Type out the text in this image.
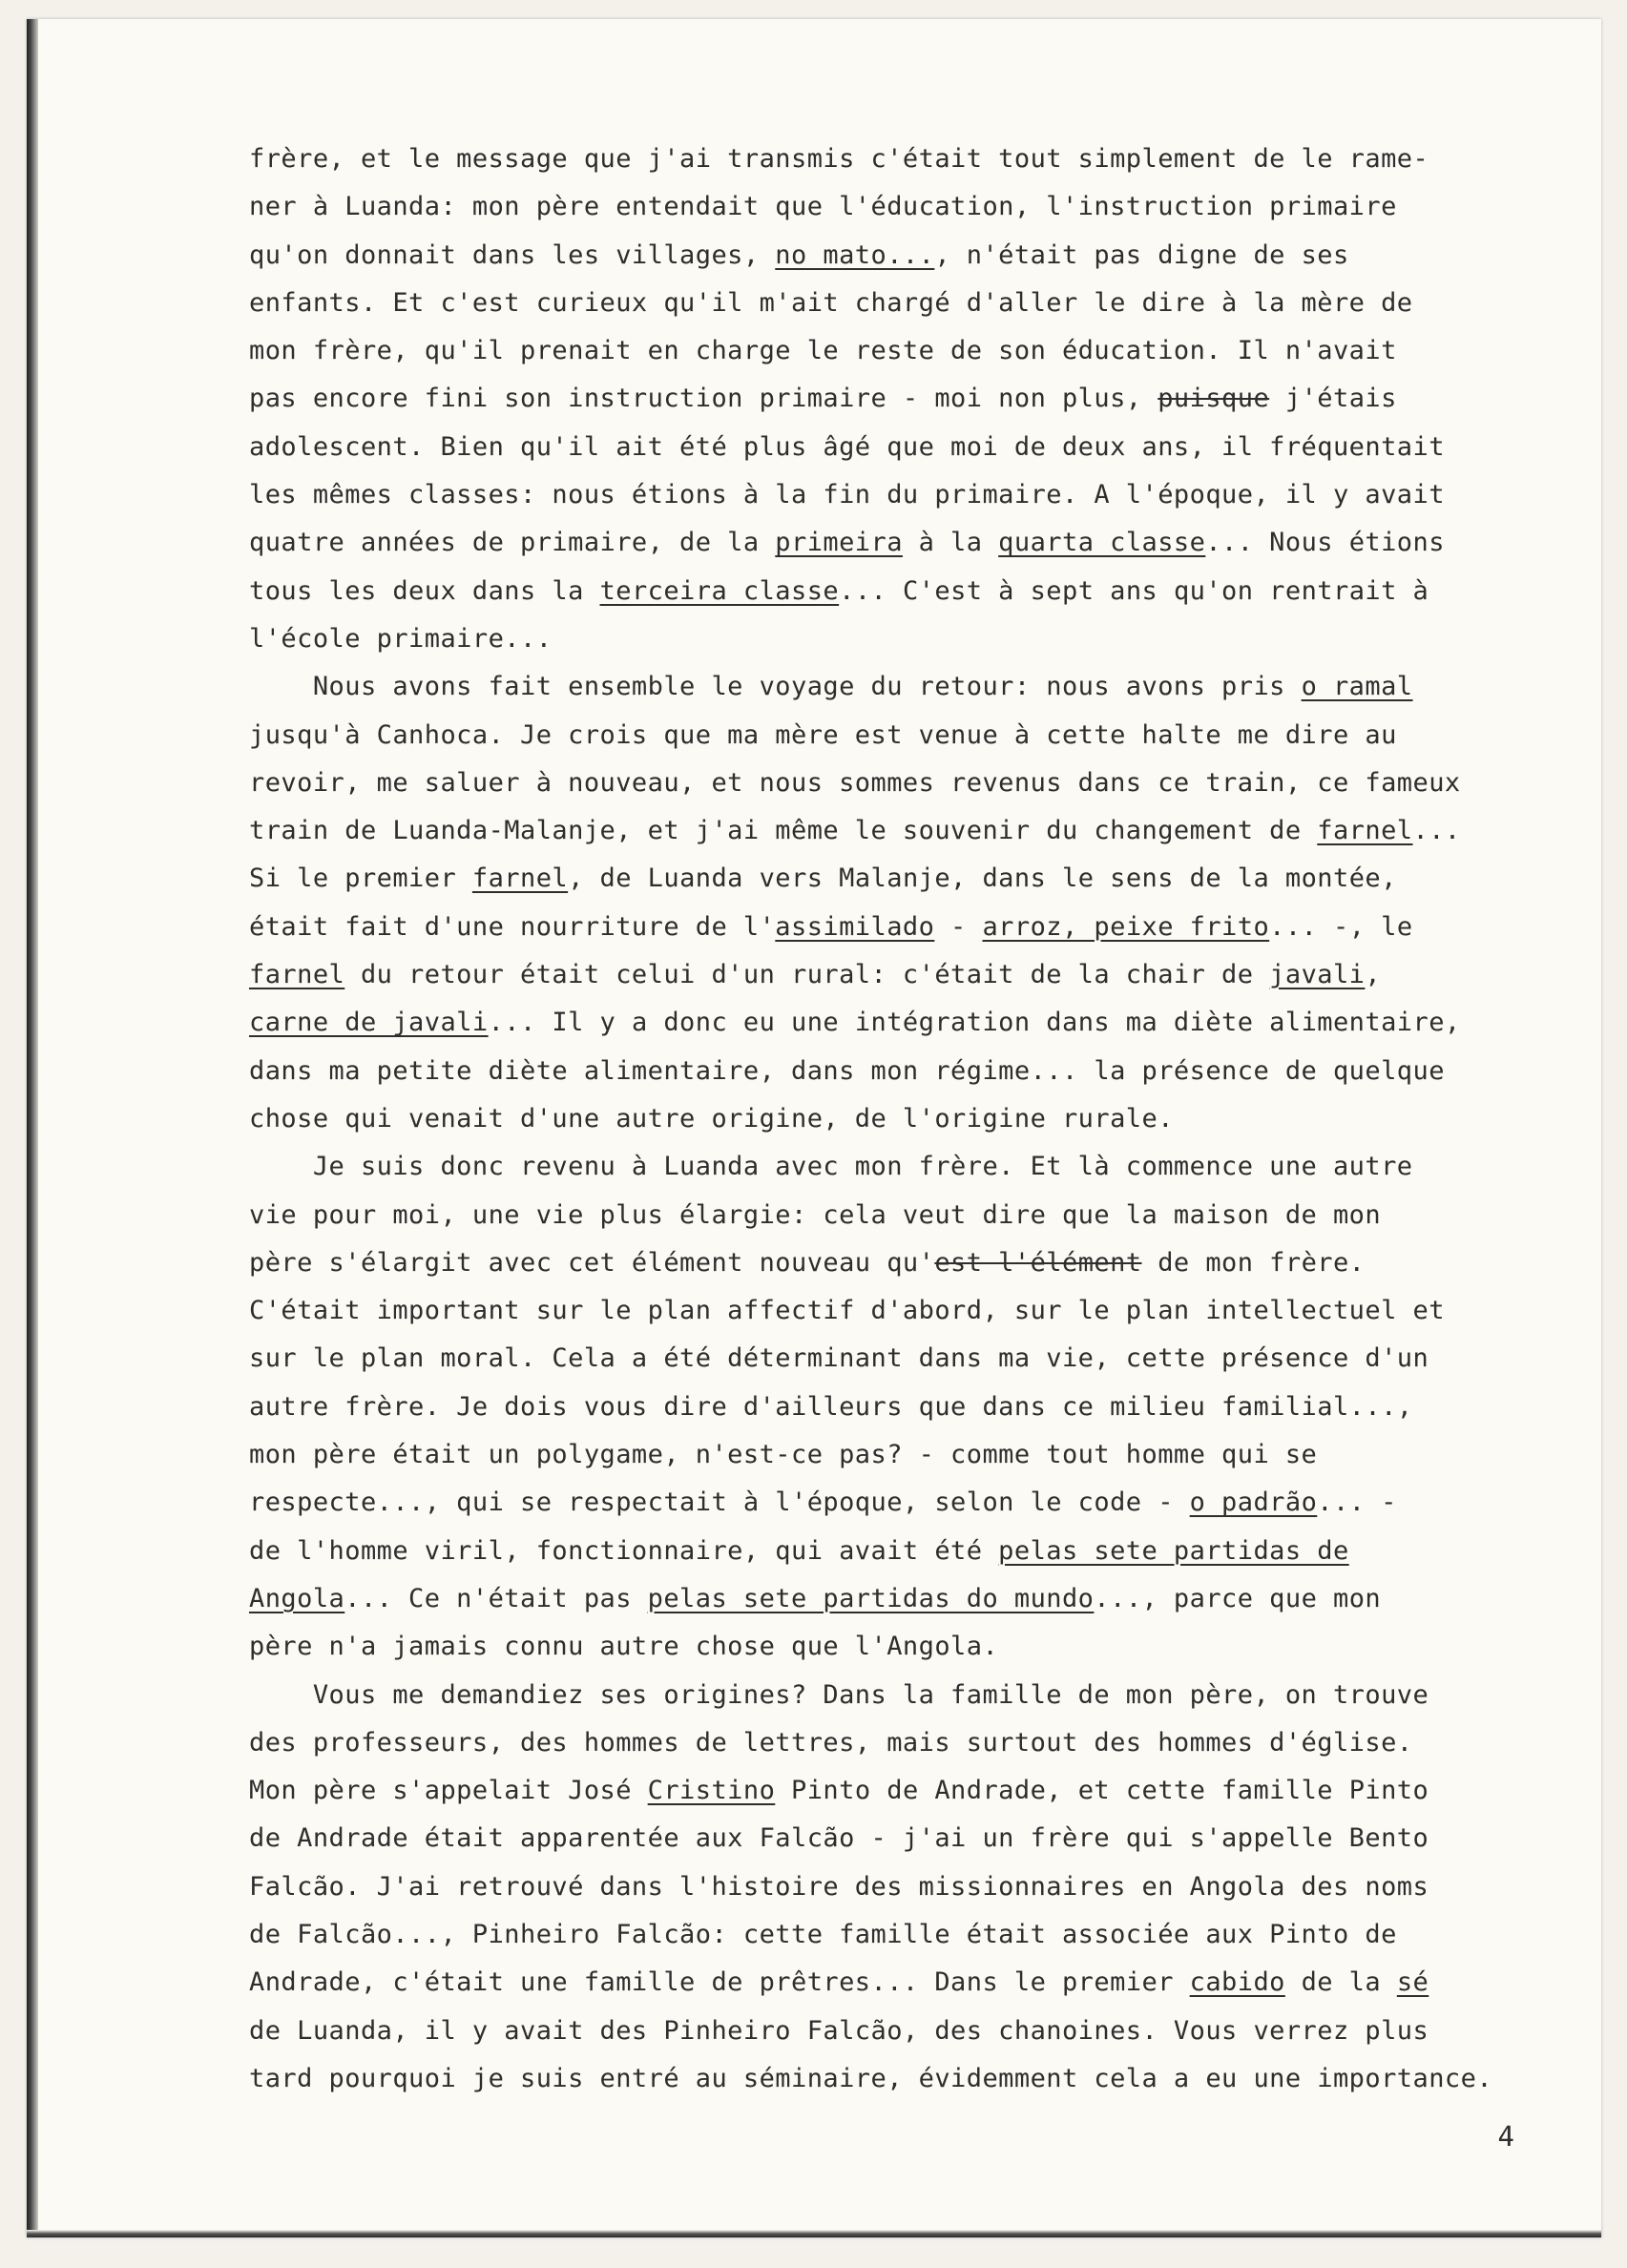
frère, et le message que j'ai transmis c'était tout simplement de le rame-
ner à Luanda: mon père entendait que l'éducation, l'instruction primaire
qu'on donnait dans les villages, no mato..., n'était pas digne de ses
enfants. Et c'est curieux qu'il m'ait chargé d'aller le dire à la mère de
mon frère, qu'il prenait en charge le reste de son éducation. Il n'avait
pas encore fini son instruction primaire - moi non plus, puisque j'étais
adolescent. Bien qu'il ait été plus âgé que moi de deux ans, il fréquentait
les mêmes classes: nous étions à la fin du primaire. A l'époque, il y avait
quatre années de primaire, de la primeira à la quarta classe... Nous étions
tous les deux dans la terceira classe... C'est à sept ans qu'on rentrait à
l'école primaire...
Nous avons fait ensemble le voyage du retour: nous avons pris o ramal
jusqu'à Canhoca. Je crois que ma mère est venue à cette halte me dire au
revoir, me saluer à nouveau, et nous sommes revenus dans ce train, ce fameux
train de Luanda-Malanje, et j'ai même le souvenir du changement de farnel...
Si le premier farnel, de Luanda vers Malanje, dans le sens de la montée,
était fait d'une nourriture de l'assimilado - arroz, peixe frito... -, le
farnel du retour était celui d'un rural: c'était de la chair de javali,
carne de javali... Il y a donc eu une intégration dans ma diète alimentaire,
dans ma petite diète alimentaire, dans mon régime... la présence de quelque
chose qui venait d'une autre origine, de l'origine rurale.
Je suis donc revenu à Luanda avec mon frère. Et là commence une autre
vie pour moi, une vie plus élargie: cela veut dire que la maison de mon
père s'élargit avec cet élément nouveau qu'est l'élément de mon frère.
C'était important sur le plan affectif d'abord, sur le plan intellectuel et
sur le plan moral. Cela a été déterminant dans ma vie, cette présence d'un
autre frère. Je dois vous dire d'ailleurs que dans ce milieu familial...,
mon père était un polygame, n'est-ce pas? - comme tout homme qui se
respecte..., qui se respectait à l'époque, selon le code - o padrão... -
de l'homme viril, fonctionnaire, qui avait été pelas sete partidas de
Angola... Ce n'était pas pelas sete partidas do mundo..., parce que mon
père n'a jamais connu autre chose que l'Angola.
Vous me demandiez ses origines? Dans la famille de mon père, on trouve
des professeurs, des hommes de lettres, mais surtout des hommes d'église.
Mon père s'appelait José Cristino Pinto de Andrade, et cette famille Pinto
de Andrade était apparentée aux Falcão - j'ai un frère qui s'appelle Bento
Falcão. J'ai retrouvé dans l'histoire des missionnaires en Angola des noms
de Falcão..., Pinheiro Falcão: cette famille était associée aux Pinto de
Andrade, c'était une famille de prêtres... Dans le premier cabido de la sé
de Luanda, il y avait des Pinheiro Falcão, des chanoines. Vous verrez plus
tard pourquoi je suis entré au séminaire, évidemment cela a eu une importance.
4
